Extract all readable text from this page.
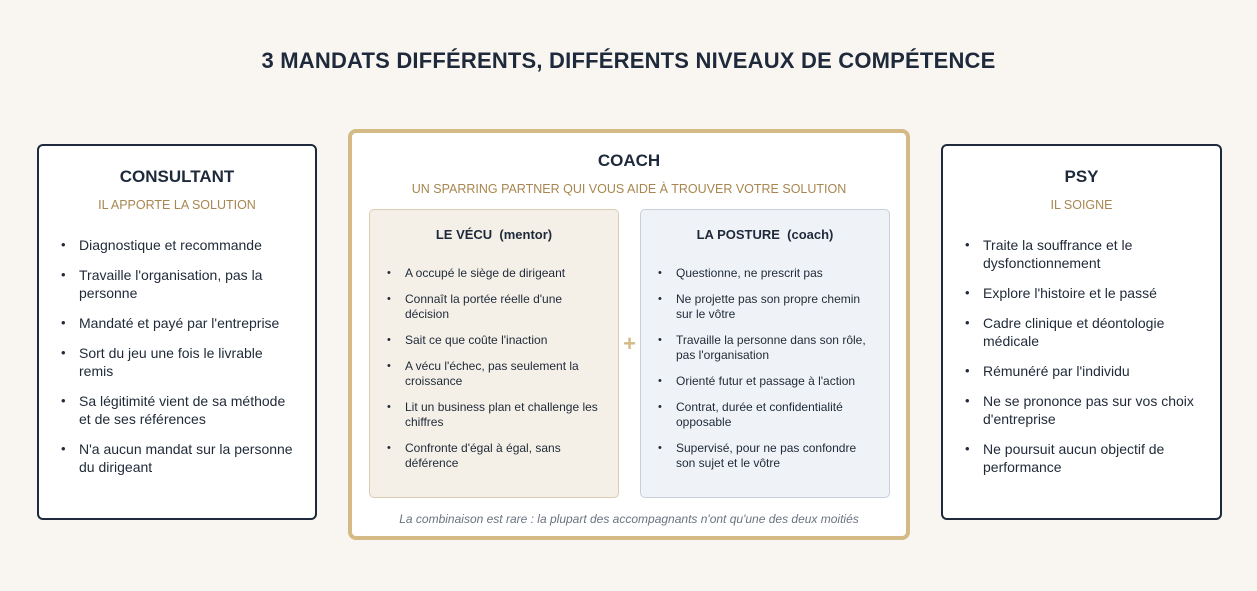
3 MANDATS DIFFÉRENTS, DIFFÉRENTS NIVEAUX DE COMPÉTENCE
CONSULTANT
IL APPORTE LA SOLUTION
• Diagnostique et recommande
• Travaille l'organisation, pas la personne
• Mandaté et payé par l'entreprise
• Sort du jeu une fois le livrable remis
• Sa légitimité vient de sa méthode et de ses références
• N'a aucun mandat sur la personne du dirigeant
COACH
UN SPARRING PARTNER QUI VOUS AIDE À TROUVER VOTRE SOLUTION
LE VÉCU  (mentor)
• A occupé le siège de dirigeant
• Connaît la portée réelle d'une décision
• Sait ce que coûte l'inaction
• A vécu l'échec, pas seulement la croissance
• Lit un business plan et challenge les chiffres
• Confronte d'égal à égal, sans déférence
+
LA POSTURE  (coach)
• Questionne, ne prescrit pas
• Ne projette pas son propre chemin sur le vôtre
• Travaille la personne dans son rôle, pas l'organisation
• Orienté futur et passage à l'action
• Contrat, durée et confidentialité opposable
• Supervisé, pour ne pas confondre son sujet et le vôtre
La combinaison est rare : la plupart des accompagnants n'ont qu'une des deux moitiés
PSY
IL SOIGNE
• Traite la souffrance et le dysfonctionnement
• Explore l'histoire et le passé
• Cadre clinique et déontologie médicale
• Rémunéré par l'individu
• Ne se prononce pas sur vos choix d'entreprise
• Ne poursuit aucun objectif de performance
